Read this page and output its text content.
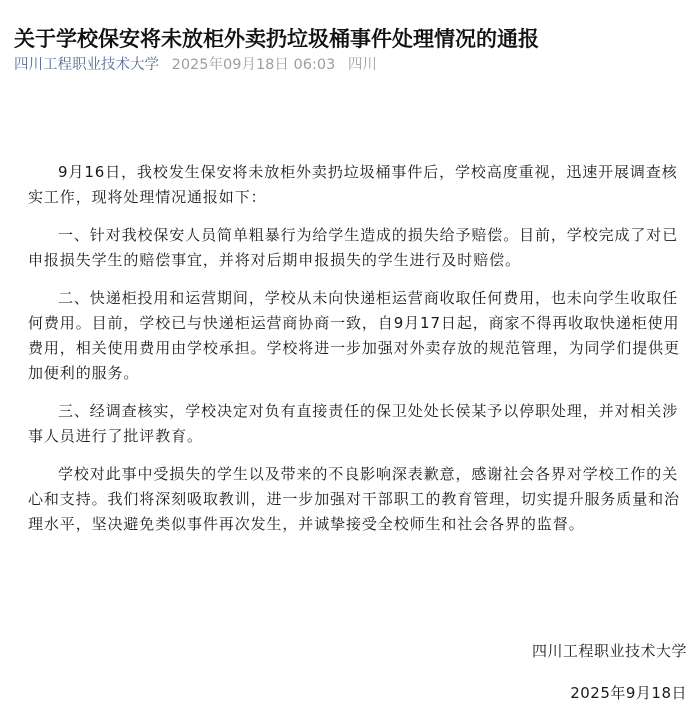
关于学校保安将未放柜外卖扔垃圾桶事件处理情况的通报
四川工程职业技术大学 2025年09月18日 06:03 四川

9月16日，我校发生保安将未放柜外卖扔垃圾桶事件后，学校高度重视，迅速开展调查核实工作，现将处理情况通报如下：

一、针对我校保安人员简单粗暴行为给学生造成的损失给予赔偿。目前，学校完成了对已申报损失学生的赔偿事宜，并将对后期申报损失的学生进行及时赔偿。

二、快递柜投用和运营期间，学校从未向快递柜运营商收取任何费用，也未向学生收取任何费用。目前，学校已与快递柜运营商协商一致，自9月17日起，商家不得再收取快递柜使用费用，相关使用费用由学校承担。学校将进一步加强对外卖存放的规范管理，为同学们提供更加便利的服务。

三、经调查核实，学校决定对负有直接责任的保卫处处长侯某予以停职处理，并对相关涉事人员进行了批评教育。

学校对此事中受损失的学生以及带来的不良影响深表歉意，感谢社会各界对学校工作的关心和支持。我们将深刻吸取教训，进一步加强对干部职工的教育管理，切实提升服务质量和治理水平，坚决避免类似事件再次发生，并诚挚接受全校师生和社会各界的监督。

四川工程职业技术大学
2025年9月18日
